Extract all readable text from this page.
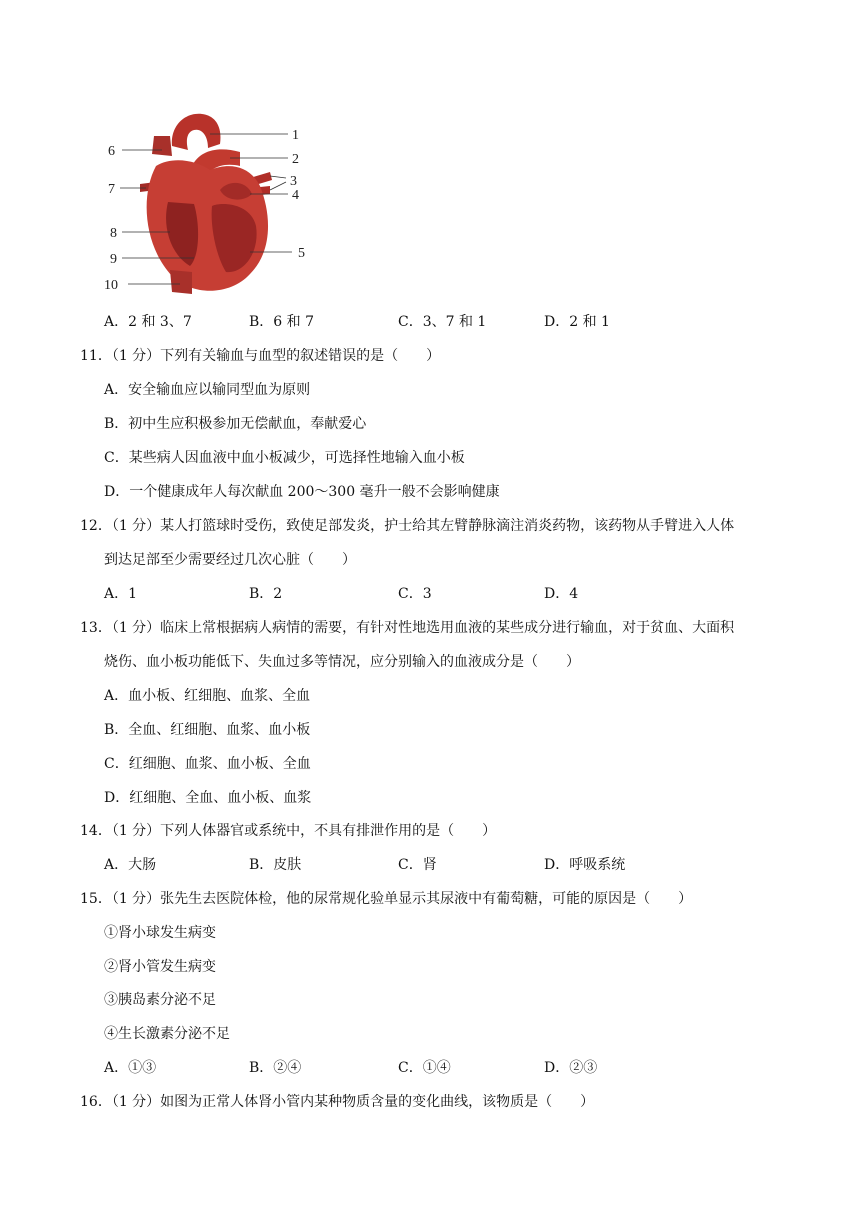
1
2
3
4
5
6
7
8
9
10
A．2 和 3、7	B．6 和 7	C．3、7 和 1	D．2 和 1
11．（1 分）下列有关输血与血型的叙述错误的是（　　）
A．安全输血应以输同型血为原则
B．初中生应积极参加无偿献血，奉献爱心
C．某些病人因血液中血小板减少，可选择性地输入血小板
D．一个健康成年人每次献血 200～300 毫升一般不会影响健康
12．（1 分）某人打篮球时受伤，致使足部发炎，护士给其左臂静脉滴注消炎药物，该药物从手臂进入人体
到达足部至少需要经过几次心脏（　　）
A．1	B．2	C．3	D．4
13．（1 分）临床上常根据病人病情的需要，有针对性地选用血液的某些成分进行输血，对于贫血、大面积
烧伤、血小板功能低下、失血过多等情况，应分别输入的血液成分是（　　）
A．血小板、红细胞、血浆、全血
B．全血、红细胞、血浆、血小板
C．红细胞、血浆、血小板、全血
D．红细胞、全血、血小板、血浆
14．（1 分）下列人体器官或系统中，不具有排泄作用的是（　　）
A．大肠	B．皮肤	C．肾	D．呼吸系统
15．（1 分）张先生去医院体检，他的尿常规化验单显示其尿液中有葡萄糖，可能的原因是（　　）
①肾小球发生病变
②肾小管发生病变
③胰岛素分泌不足
④生长激素分泌不足
A．①③	B．②④	C．①④	D．②③
16．（1 分）如图为正常人体肾小管内某种物质含量的变化曲线，该物质是（　　）
